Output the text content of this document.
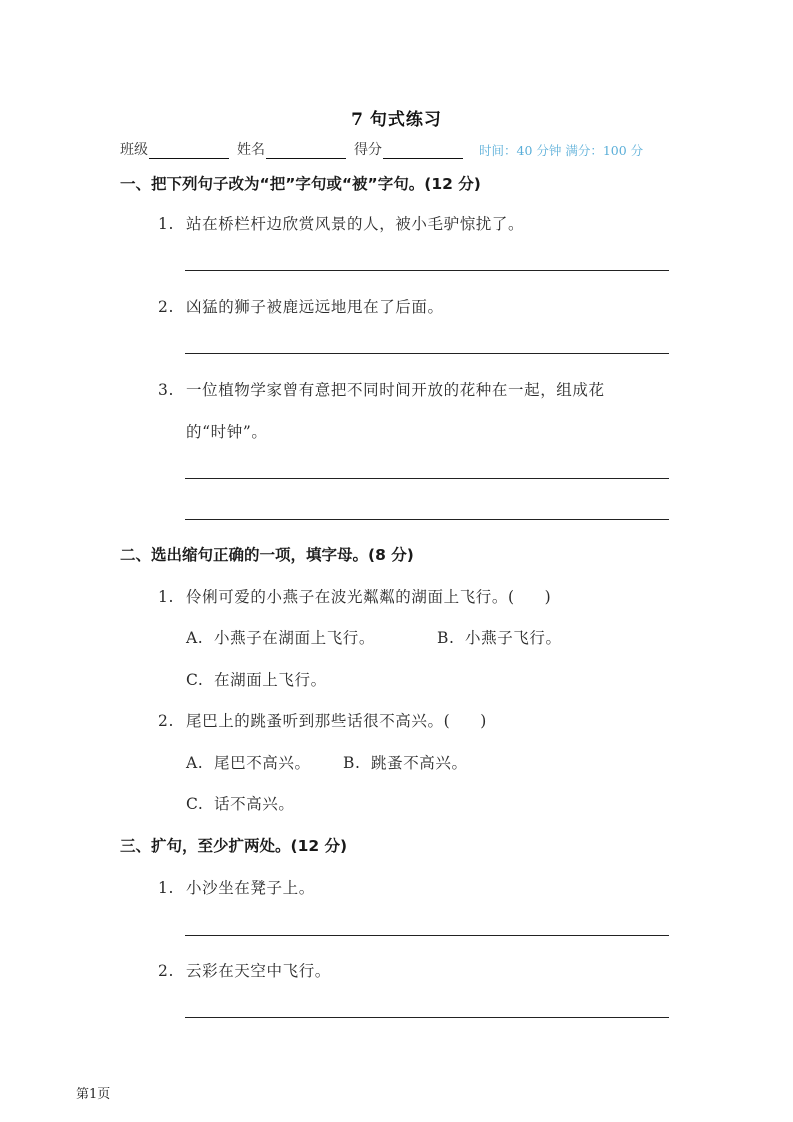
7 句式练习
班级	姓名	得分	时间：40 分钟 满分：100 分
一、把下列句子改为“把”字句或“被”字句。(12 分)
1. 站在桥栏杆边欣赏风景的人，被小毛驴惊扰了。
2. 凶猛的狮子被鹿远远地甩在了后面。
3. 一位植物学家曾有意把不同时间开放的花种在一起，组成花
的“时钟”。
二、选出缩句正确的一项，填字母。(8 分)
1. 伶俐可爱的小燕子在波光粼粼的湖面上飞行。( )
A. 小燕子在湖面上飞行。	B. 小燕子飞行。
C. 在湖面上飞行。
2. 尾巴上的跳蚤听到那些话很不高兴。( )
A. 尾巴不高兴。 B. 跳蚤不高兴。
C. 话不高兴。
三、扩句，至少扩两处。(12 分)
1. 小沙坐在凳子上。
2. 云彩在天空中飞行。
第1页
